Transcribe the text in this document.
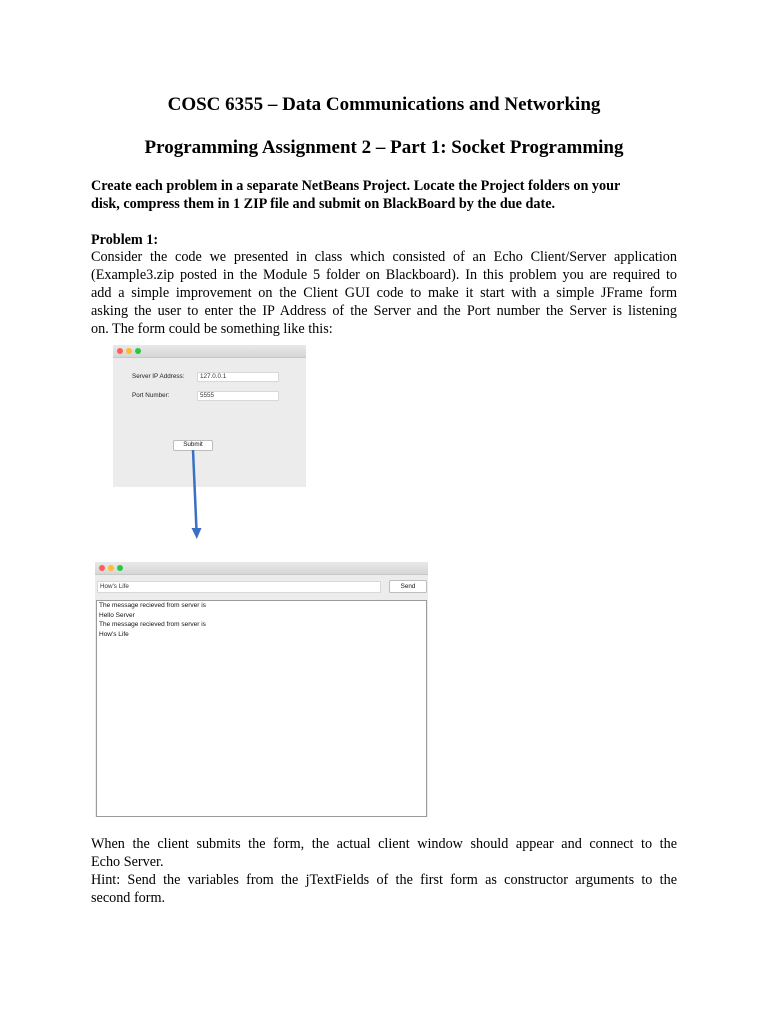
COSC 6355 – Data Communications and Networking
Programming Assignment 2 – Part 1: Socket Programming
Create each problem in a separate NetBeans Project. Locate the Project folders on your
disk, compress them in 1 ZIP file and submit on BlackBoard by the due date.
Problem 1:
Consider the code we presented in class which consisted of an Echo Client/Server application
(Example3.zip posted in the Module 5 folder on Blackboard). In this problem you are required to
add a simple improvement on the Client GUI code to make it start with a simple JFrame form
asking the user to enter the IP Address of the Server and the Port number the Server is listening
on. The form could be something like this:
Server IP Address:	127.0.0.1
Port Number:	5555
Submit
How's Life	Send
The message recieved from server is
Hello Server
The message recieved from server is
How's Life
When the client submits the form, the actual client window should appear and connect to the
Echo Server.
Hint: Send the variables from the jTextFields of the first form as constructor arguments to the
second form.
